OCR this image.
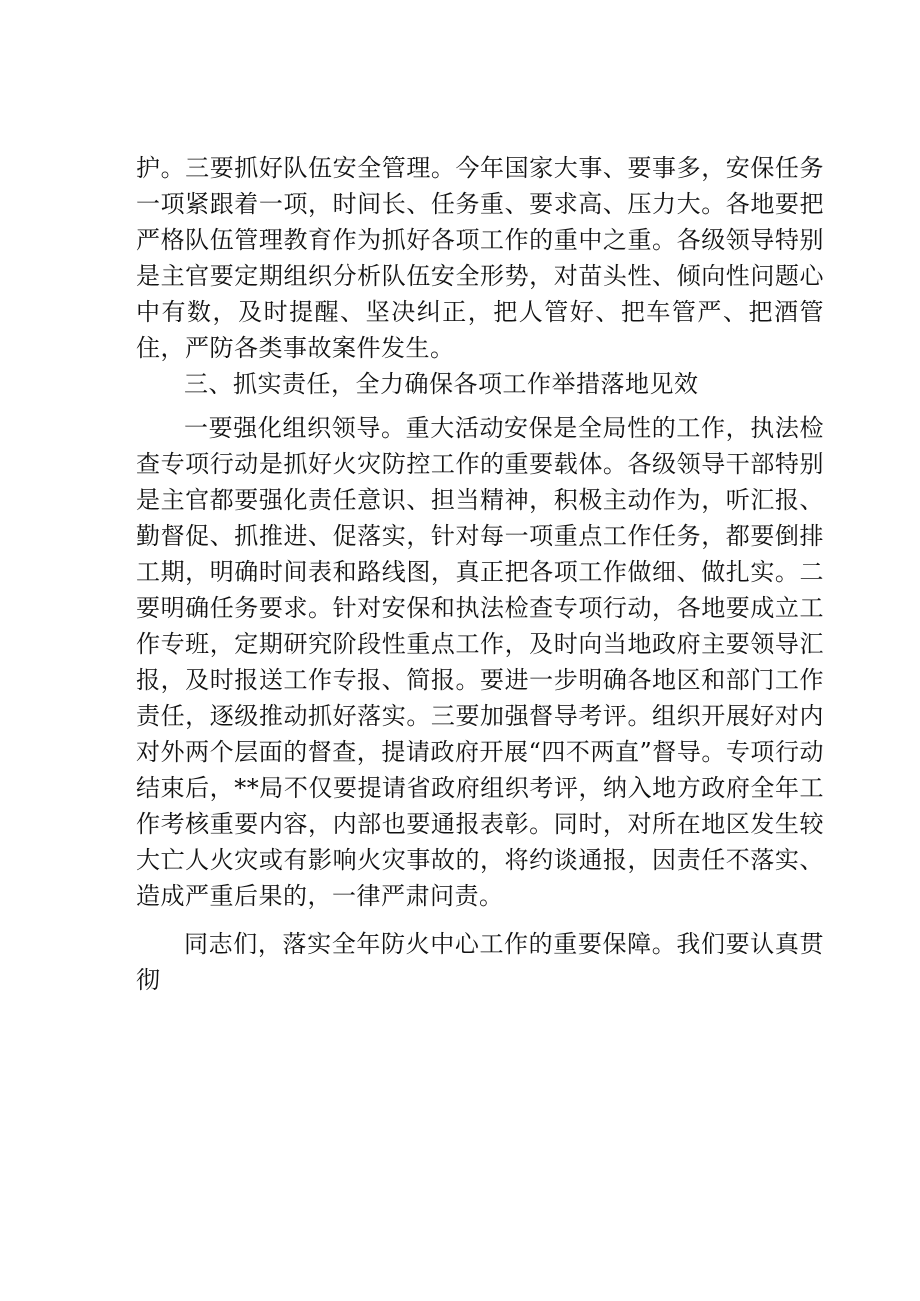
护。三要抓好队伍安全管理。今年国家大事、要事多，安保任务一项紧跟着一项，时间长、任务重、要求高、压力大。各地要把严格队伍管理教育作为抓好各项工作的重中之重。各级领导特别是主官要定期组织分析队伍安全形势，对苗头性、倾向性问题心中有数，及时提醒、坚决纠正，把人管好、把车管严、把酒管住，严防各类事故案件发生。

三、抓实责任，全力确保各项工作举措落地见效

一要强化组织领导。重大活动安保是全局性的工作，执法检查专项行动是抓好火灾防控工作的重要载体。各级领导干部特别是主官都要强化责任意识、担当精神，积极主动作为，听汇报、勤督促、抓推进、促落实，针对每一项重点工作任务，都要倒排工期，明确时间表和路线图，真正把各项工作做细、做扎实。二要明确任务要求。针对安保和执法检查专项行动，各地要成立工作专班，定期研究阶段性重点工作，及时向当地政府主要领导汇报，及时报送工作专报、简报。要进一步明确各地区和部门工作责任，逐级推动抓好落实。三要加强督导考评。组织开展好对内对外两个层面的督查，提请政府开展“四不两直”督导。专项行动结束后，**局不仅要提请省政府组织考评，纳入地方政府全年工作考核重要内容，内部也要通报表彰。同时，对所在地区发生较大亡人火灾或有影响火灾事故的，将约谈通报，因责任不落实、造成严重后果的，一律严肃问责。

同志们，落实全年防火中心工作的重要保障。我们要认真贯彻
